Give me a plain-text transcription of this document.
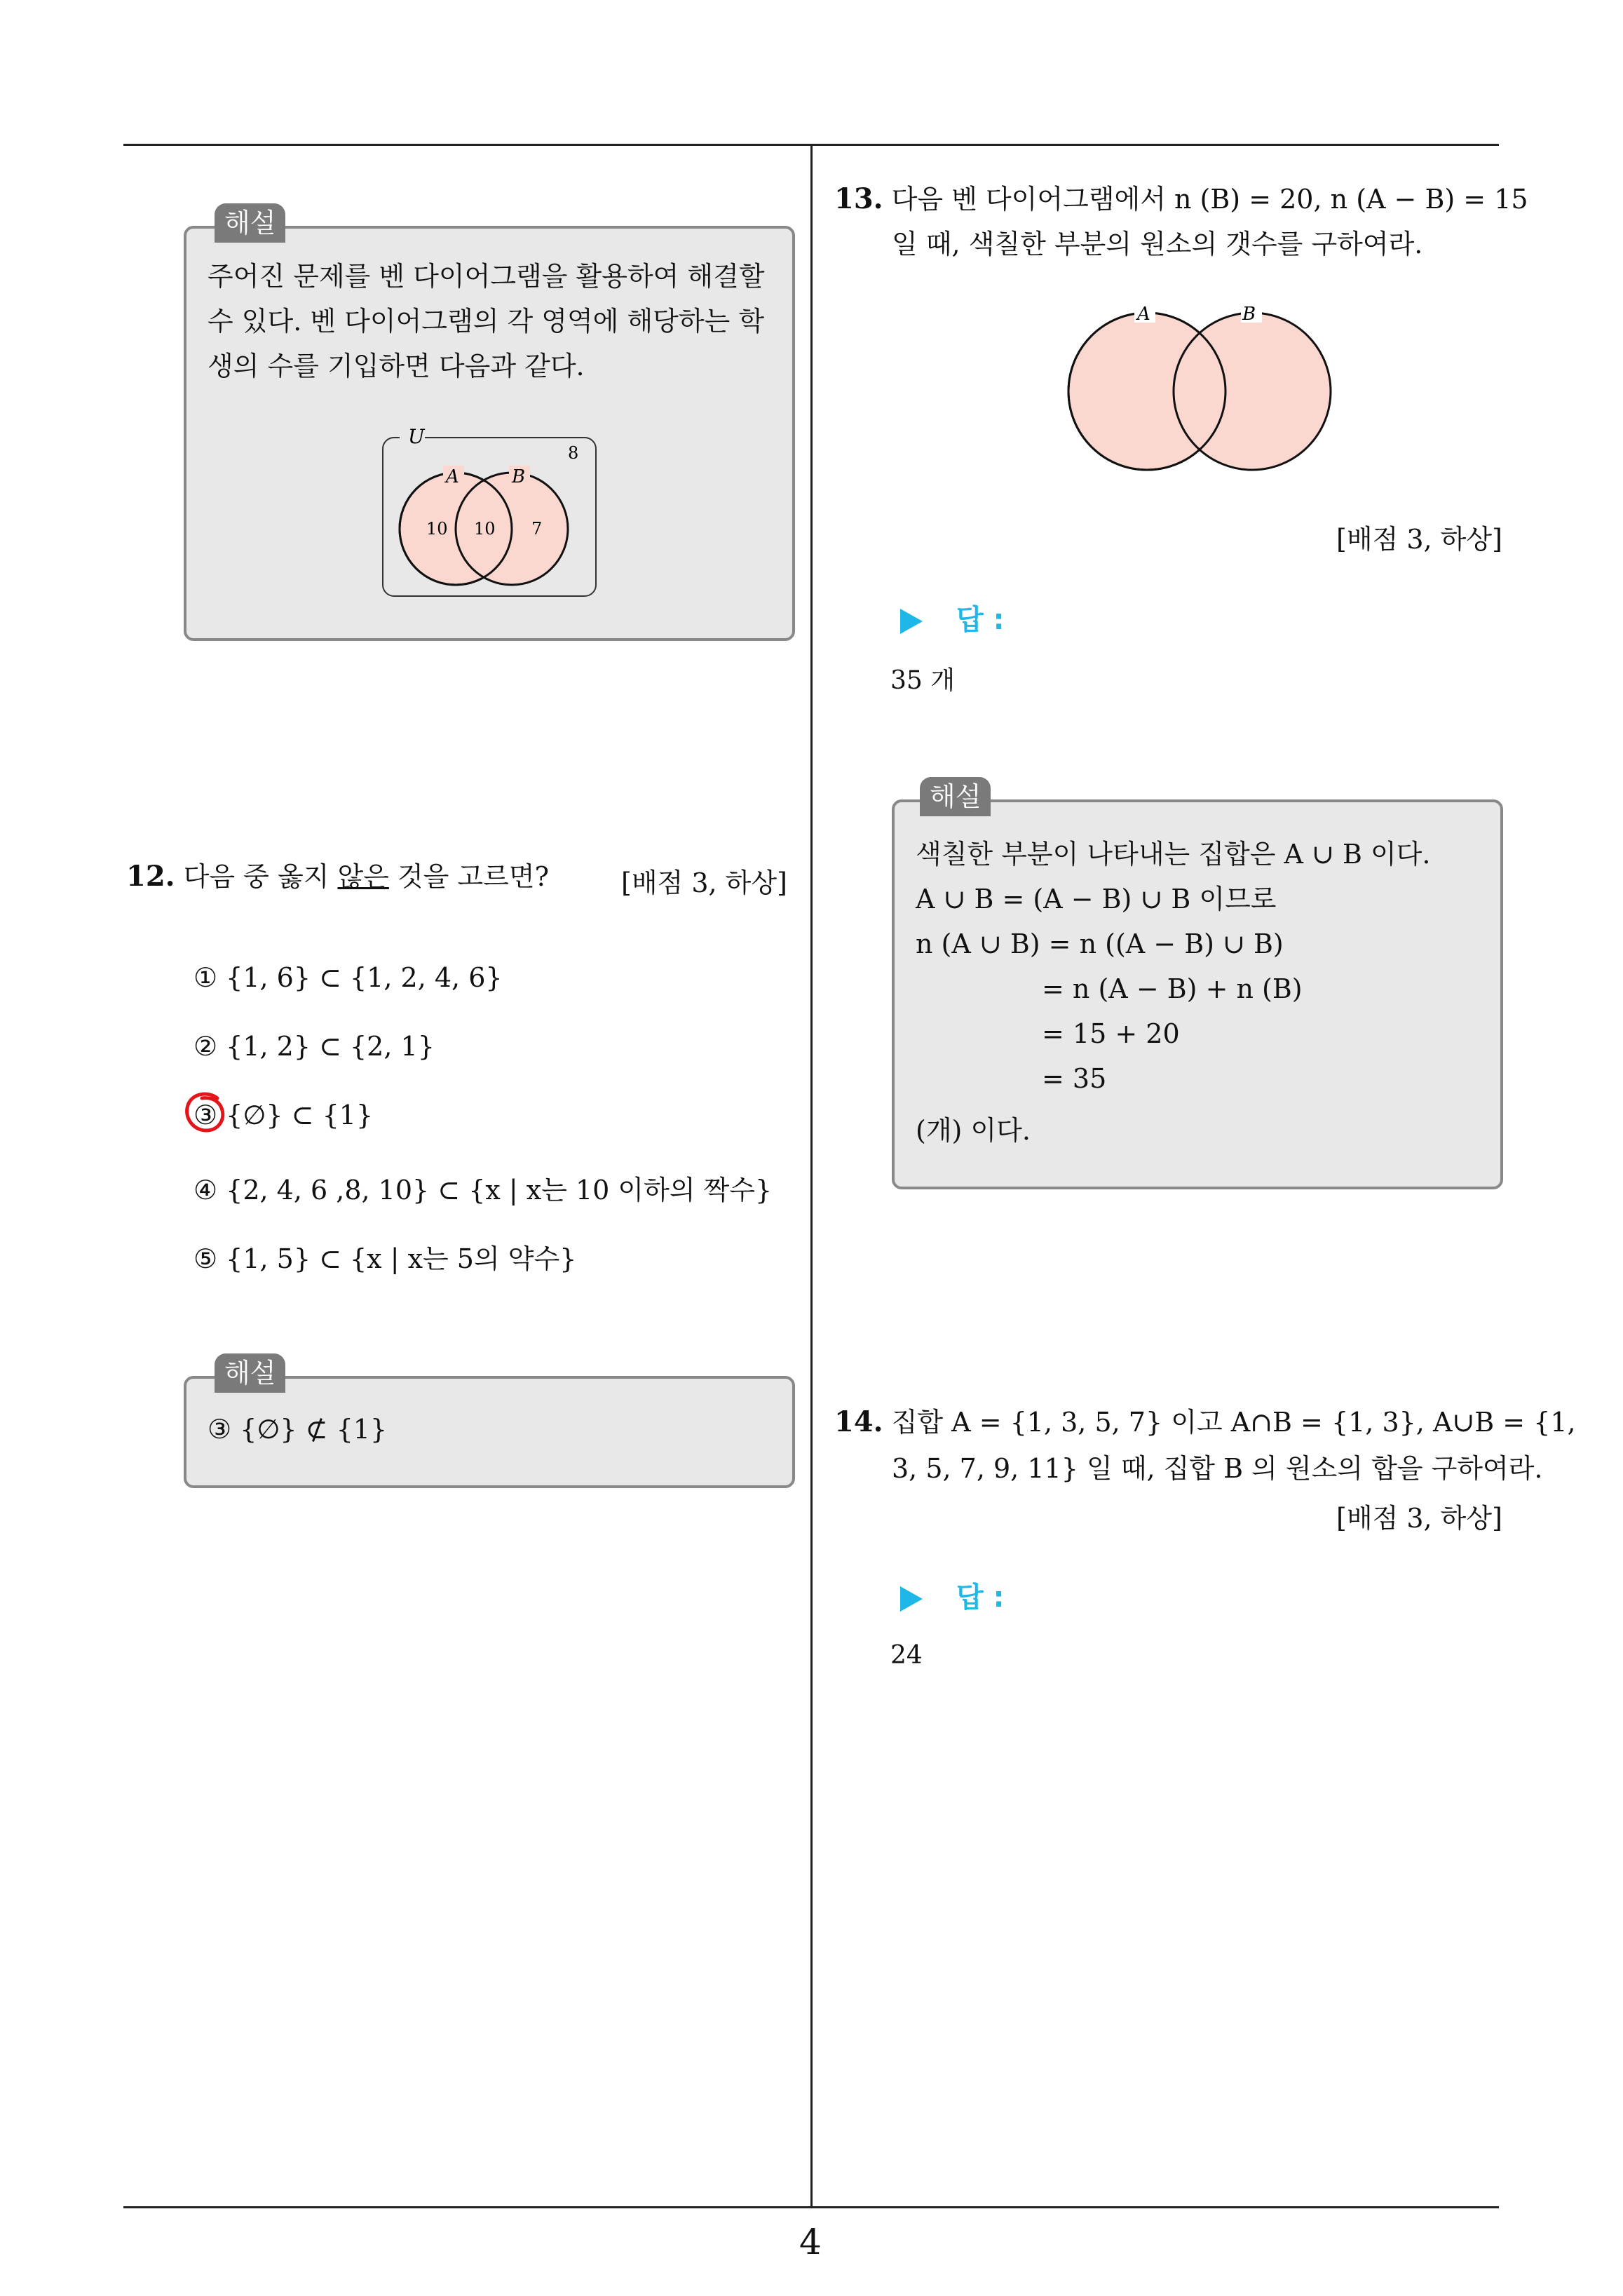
4
해설
주어진 문제를 벤 다이어그램을 활용하여 해결할
수 있다. 벤 다이어그램의 각 영역에 해당하는 학
생의 수를 기입하면 다음과 같다.
U
8
A	B
10 10 7
12. 다음 중 옳지 않은 것을 고르면?	[배점 3, 하상]
① {1, 6} ⊂ {1, 2, 4, 6}
② {1, 2} ⊂ {2, 1}
③ {∅} ⊂ {1}
④ {2, 4, 6 ,8, 10} ⊂ {x | x는 10 이하의 짝수}
⑤ {1, 5} ⊂ {x | x는 5의 약수}
해설
③ {∅} ⊄ {1}
13. 다음 벤 다이어그램에서 n (B) = 20, n (A − B) = 15
일 때, 색칠한 부분의 원소의 갯수를 구하여라.
A	B
[배점 3, 하상]
답 :
35 개
해설
색칠한 부분이 나타내는 집합은 A ∪ B 이다.
A ∪ B = (A − B) ∪ B 이므로
n (A ∪ B) = n ((A − B) ∪ B)
= n (A − B) + n (B)
= 15 + 20
= 35
(개) 이다.
14. 집합 A = {1, 3, 5, 7} 이고 A∩B = {1, 3}, A∪B = {1,
3, 5, 7, 9, 11} 일 때, 집합 B 의 원소의 합을 구하여라.
[배점 3, 하상]
답 :
24
